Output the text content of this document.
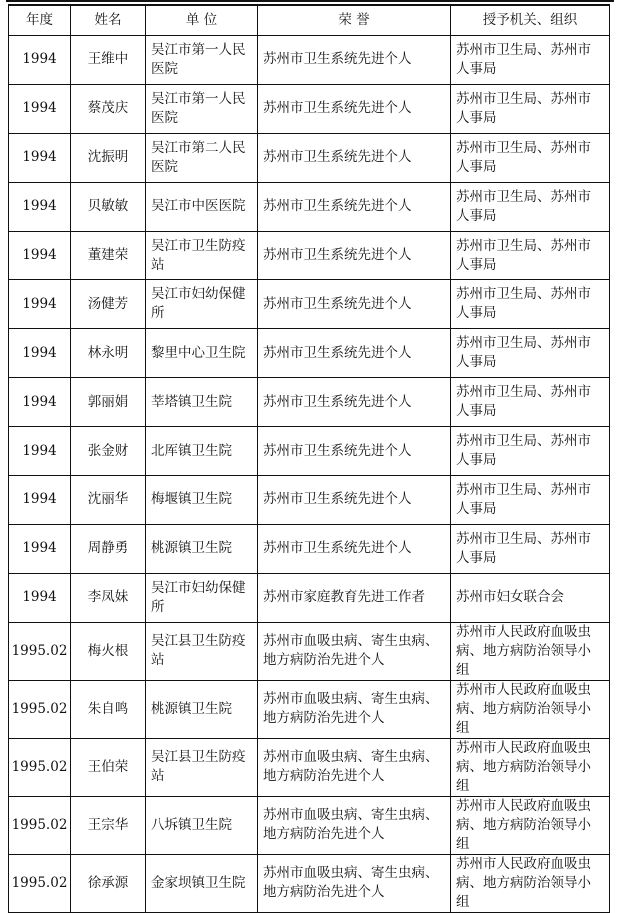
年度	姓名	单 位	荣 誉	授予机关、组织
1994	王维中	吴江市第一人民医院	苏州市卫生系统先进个人	苏州市卫生局、苏州市人事局
1994	蔡茂庆	吴江市第一人民医院	苏州市卫生系统先进个人	苏州市卫生局、苏州市人事局
1994	沈振明	吴江市第二人民医院	苏州市卫生系统先进个人	苏州市卫生局、苏州市人事局
1994	贝敏敏	吴江市中医医院	苏州市卫生系统先进个人	苏州市卫生局、苏州市人事局
1994	董建荣	吴江市卫生防疫站	苏州市卫生系统先进个人	苏州市卫生局、苏州市人事局
1994	汤健芳	吴江市妇幼保健所	苏州市卫生系统先进个人	苏州市卫生局、苏州市人事局
1994	林永明	黎里中心卫生院	苏州市卫生系统先进个人	苏州市卫生局、苏州市人事局
1994	郭丽娟	莘塔镇卫生院	苏州市卫生系统先进个人	苏州市卫生局、苏州市人事局
1994	张金财	北厍镇卫生院	苏州市卫生系统先进个人	苏州市卫生局、苏州市人事局
1994	沈丽华	梅堰镇卫生院	苏州市卫生系统先进个人	苏州市卫生局、苏州市人事局
1994	周静勇	桃源镇卫生院	苏州市卫生系统先进个人	苏州市卫生局、苏州市人事局
1994	李凤妹	吴江市妇幼保健所	苏州市家庭教育先进工作者	苏州市妇女联合会
1995.02	梅火根	吴江县卫生防疫站	苏州市血吸虫病、寄生虫病、地方病防治先进个人	苏州市人民政府血吸虫病、地方病防治领导小组
1995.02	朱自鸣	桃源镇卫生院	苏州市血吸虫病、寄生虫病、地方病防治先进个人	苏州市人民政府血吸虫病、地方病防治领导小组
1995.02	王伯荣	吴江县卫生防疫站	苏州市血吸虫病、寄生虫病、地方病防治先进个人	苏州市人民政府血吸虫病、地方病防治领导小组
1995.02	王宗华	八坼镇卫生院	苏州市血吸虫病、寄生虫病、地方病防治先进个人	苏州市人民政府血吸虫病、地方病防治领导小组
1995.02	徐承源	金家坝镇卫生院	苏州市血吸虫病、寄生虫病、地方病防治先进个人	苏州市人民政府血吸虫病、地方病防治领导小组
